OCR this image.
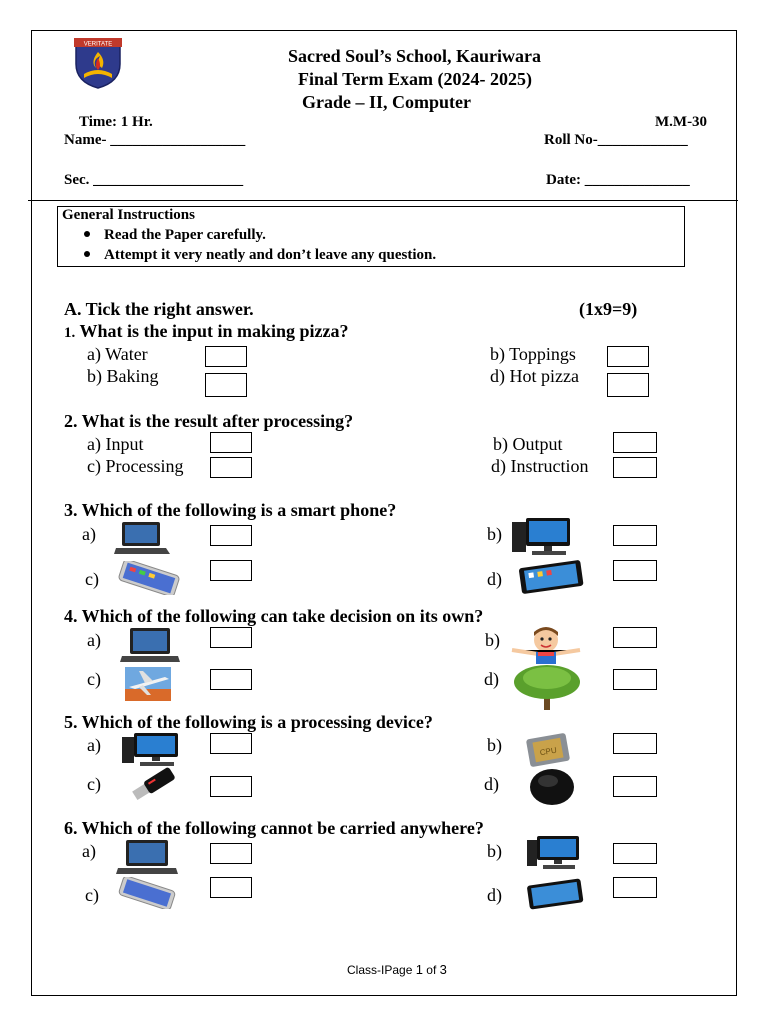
VERITATE
Sacred Soul’s School, Kauriwara
Final Term Exam (2024- 2025)
Grade – II, Computer
Time: 1 Hr.	M.M-30
Name- __________________	Roll No-____________
Sec. ____________________	Date: ______________
General Instructions
Read the Paper carefully.
Attempt it very neatly and don’t leave any question.
A. Tick the right answer.	(1x9=9)
1. What is the input in making pizza?
a) Water	b) Toppings
b) Baking	d) Hot pizza
2. What is the result after processing?
a) Input	b) Output
c) Processing	d) Instruction
3. Which of the following is a smart phone?
a)	b)
c)	d)
4. Which of the following can take decision on its own?
a)	b)
c)	d)
5. Which of the following is a processing device?
a)	b)	CPU
c)	d)
6. Which of the following cannot be carried anywhere?
a)	b)
c)	d)
Class-IPage 1 of 3
